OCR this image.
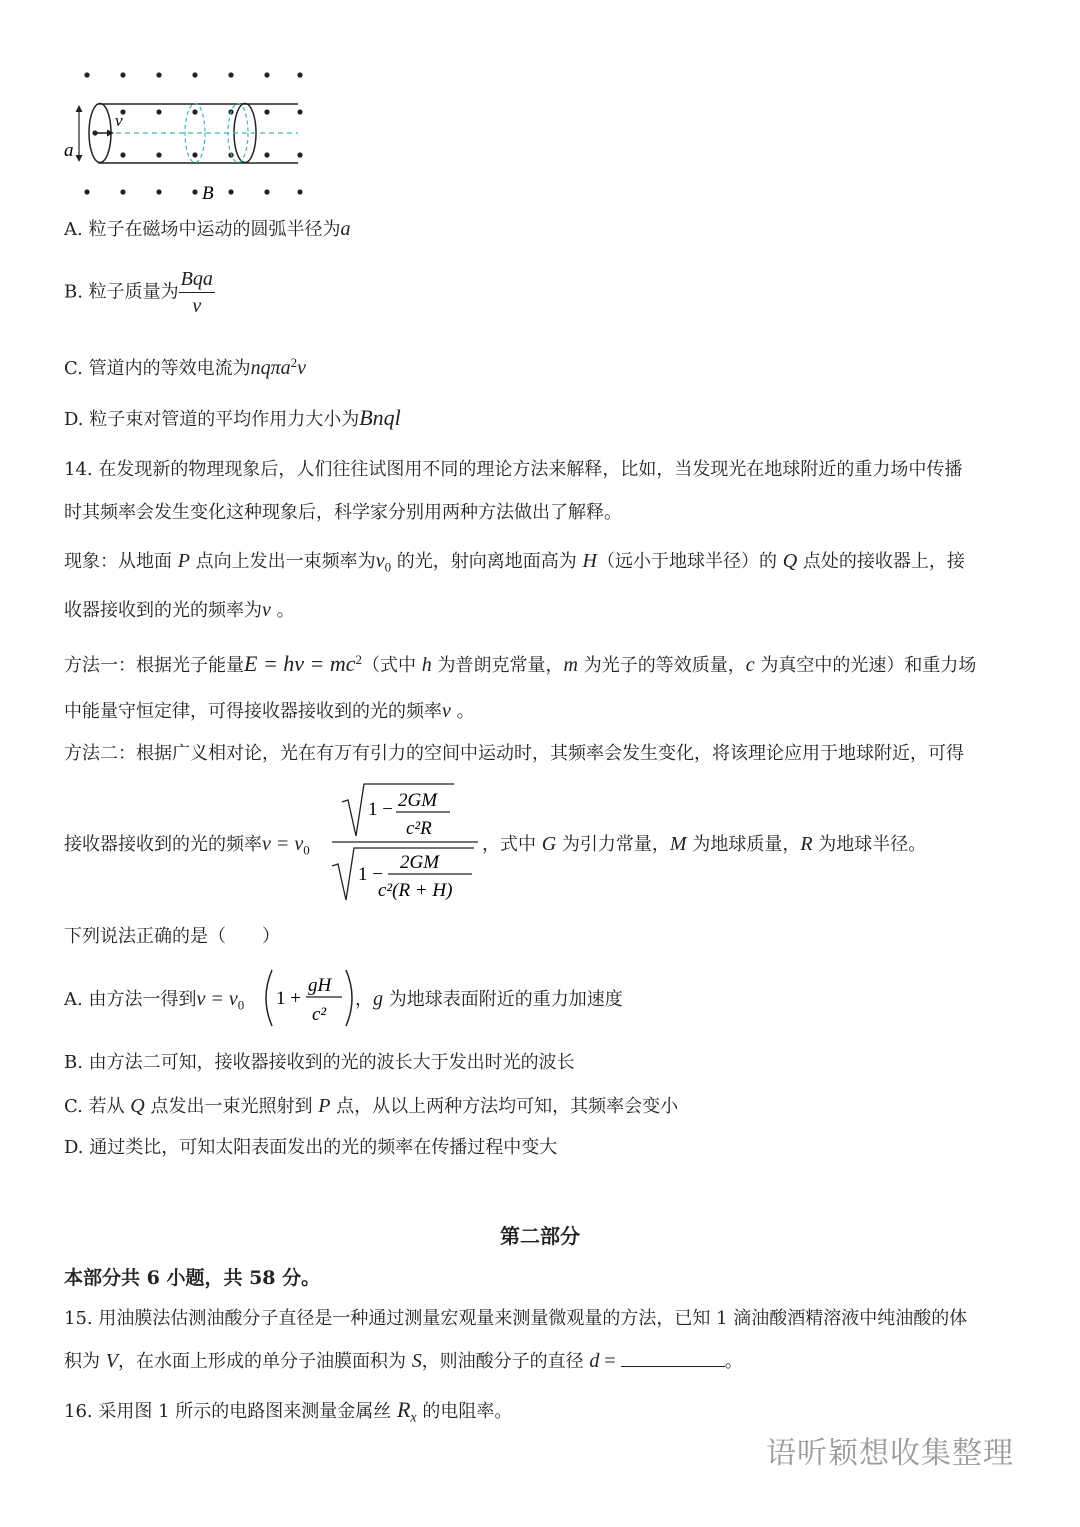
v
a
B
A. 粒子在磁场中运动的圆弧半径为a
B. 粒子质量为 $\frac{\text{Bqa}}{v}$
C. 管道内的等效电流为nqπa$^2$v
D. 粒子束对管道的平均作用力大小为Bnql
14. 在发现新的物理现象后，人们往往试图用不同的理论方法来解释，比如，当发现光在地球附近的重力场中传播
时其频率会发生变化这种现象后，科学家分别用两种方法做出了解释。
现象：从地面 P 点向上发出一束频率为$\nu_0$ 的光，射向离地面高为 H（远小于地球半径）的 Q 点处的接收器上，接
收器接收到的光的频率为ν 。
方法一：根据光子能量$E = h\nu = mc^2$（式中 h 为普朗克常量，m 为光子的等效质量，c 为真空中的光速）和重力场
中能量守恒定律，可得接收器接收到的光的频率ν 。
方法二：根据广义相对论，光在有万有引力的空间中运动时，其频率会发生变化，将该理论应用于地球附近，可得
接收器接收到的光的频率$\nu = \nu_0$
1 − 2GM
c²R
1 −
2GM
c²(R + H)
，式中 G 为引力常量，M 为地球质量，R 为地球半径。
下列说法正确的是（　　）
A. 由方法一得到$\nu = \nu_0$ 1 +
gH
c²
，g 为地球表面附近的重力加速度
B. 由方法二可知，接收器接收到的光的波长大于发出时光的波长
C. 若从 Q 点发出一束光照射到 P 点，从以上两种方法均可知，其频率会变小
D. 通过类比，可知太阳表面发出的光的频率在传播过程中变大
第二部分
本部分共 6 小题，共 58 分。
15. 用油膜法估测油酸分子直径是一种通过测量宏观量来测量微观量的方法，已知 1 滴油酸酒精溶液中纯油酸的体
积为 V，在水面上形成的单分子油膜面积为 S，则油酸分子的直径 d =	。
16. 采用图 1 所示的电路图来测量金属丝 $R_x$ 的电阻率。
语听颖想收集整理
